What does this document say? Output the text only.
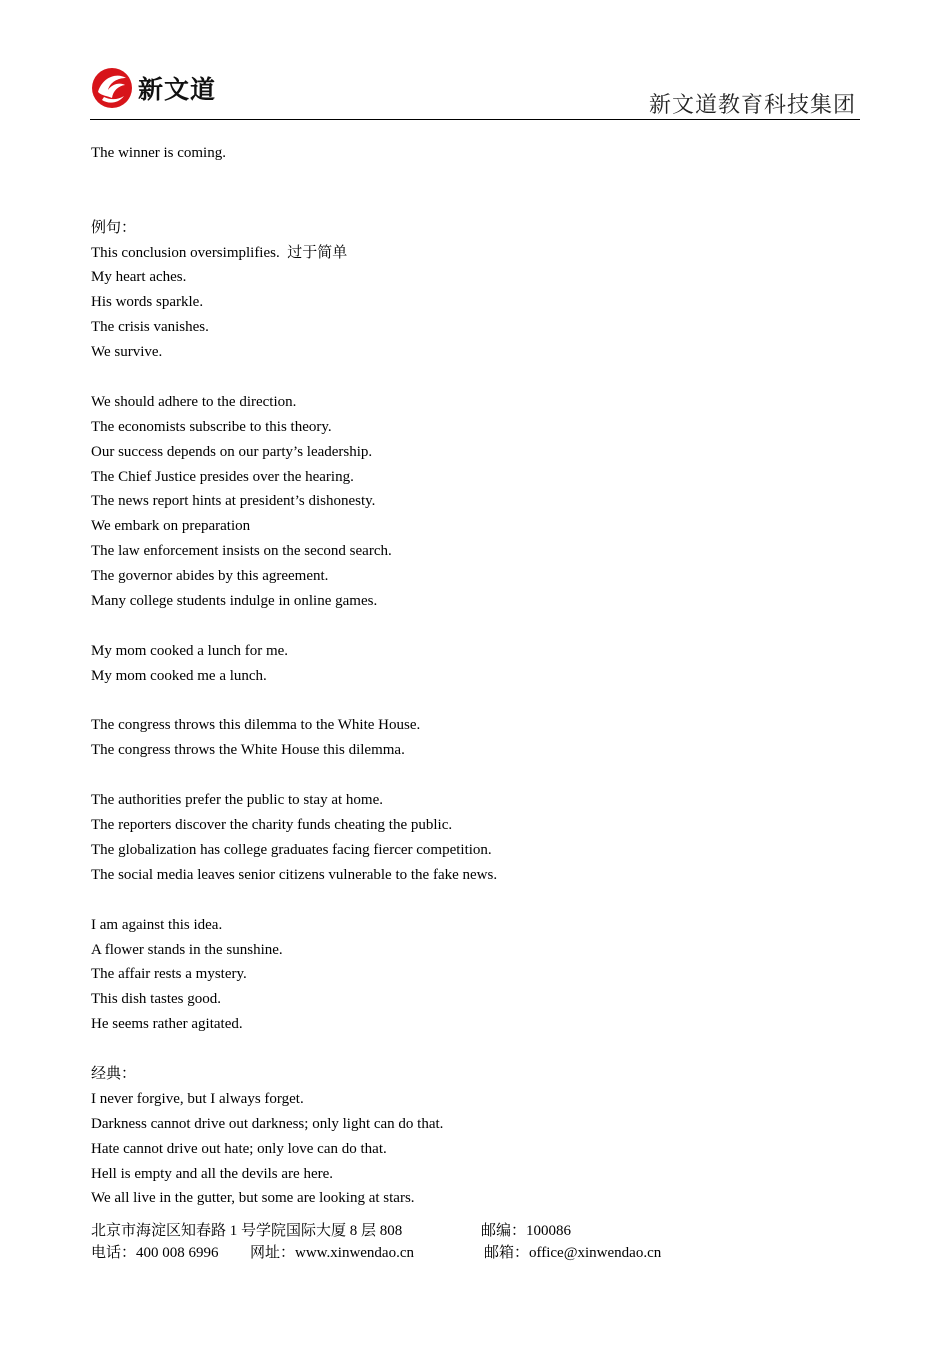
新文道
新文道教育科技集团
The winner is coming.
例句：
This conclusion oversimplifies.  过于简单
My heart aches.
His words sparkle.
The crisis vanishes.
We survive.
We should adhere to the direction.
The economists subscribe to this theory.
Our success depends on our party’s leadership.
The Chief Justice presides over the hearing.
The news report hints at president’s dishonesty.
We embark on preparation
The law enforcement insists on the second search.
The governor abides by this agreement.
Many college students indulge in online games.
My mom cooked a lunch for me.
My mom cooked me a lunch.
The congress throws this dilemma to the White House.
The congress throws the White House this dilemma.
The authorities prefer the public to stay at home.
The reporters discover the charity funds cheating the public.
The globalization has college graduates facing fiercer competition.
The social media leaves senior citizens vulnerable to the fake news.
I am against this idea.
A flower stands in the sunshine.
The affair rests a mystery.
This dish tastes good.
He seems rather agitated.
经典：
I never forgive, but I always forget.
Darkness cannot drive out darkness; only light can do that.
Hate cannot drive out hate; only love can do that.
Hell is empty and all the devils are here.
We all live in the gutter, but some are looking at stars.

北京市海淀区知春路 1 号学院国际大厦 8 层 808

	邮编：100086

电话：400 008 6996

网址：www.xinwendao.cn

	邮箱：office@xinwendao.cn
